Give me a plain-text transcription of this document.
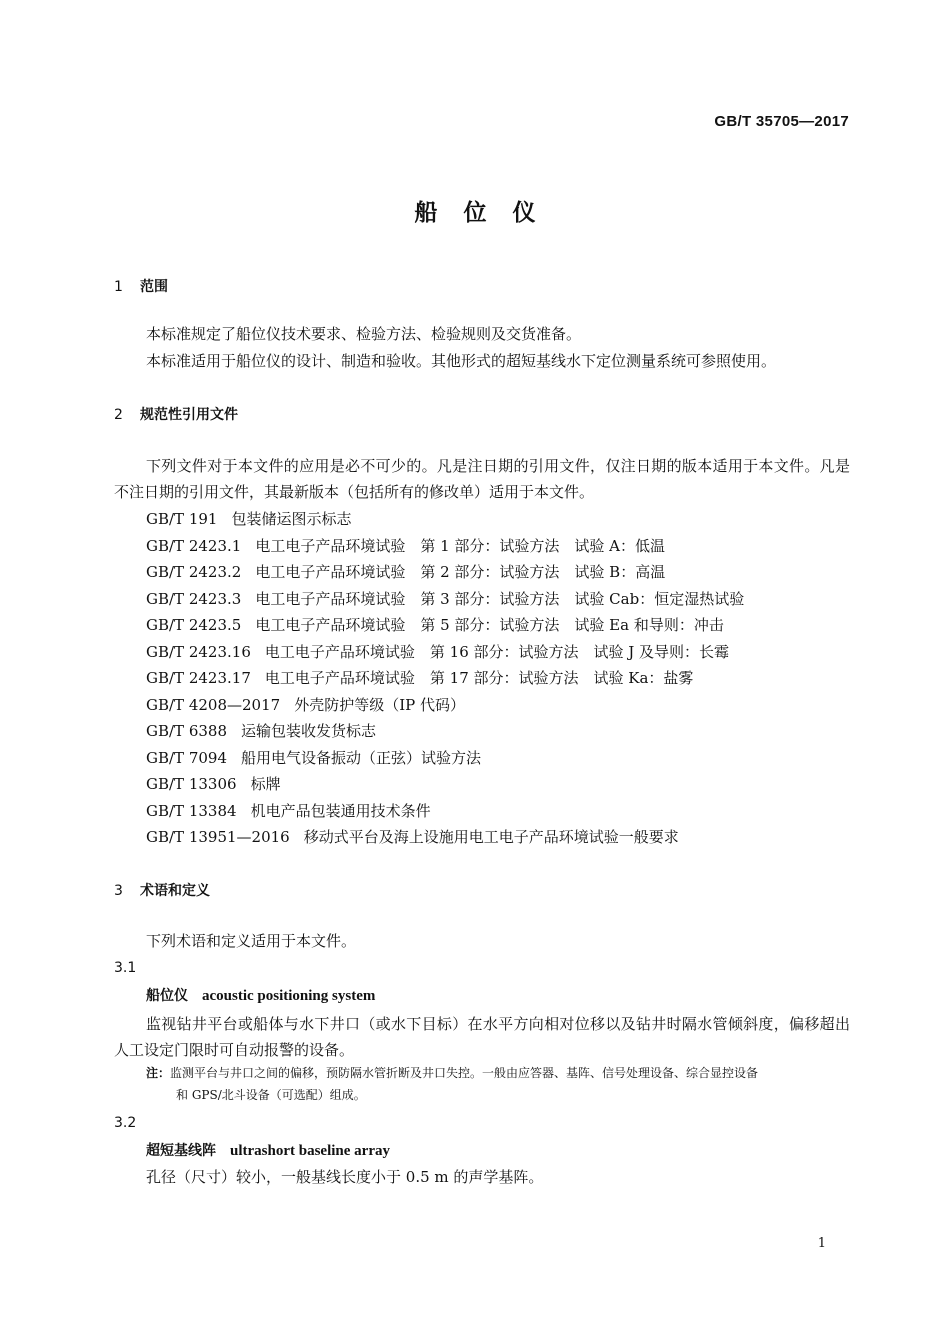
GB/T 35705—2017
船位仪
1 范围
本标准规定了船位仪技术要求、检验方法、检验规则及交货准备。
本标准适用于船位仪的设计、制造和验收。其他形式的超短基线水下定位测量系统可参照使用。
2 规范性引用文件
下列文件对于本文件的应用是必不可少的。凡是注日期的引用文件，仅注日期的版本适用于本文件。凡是不注日期的引用文件，其最新版本（包括所有的修改单）适用于本文件。
GB/T 191 包装储运图示标志
GB/T 2423.1 电工电子产品环境试验　第 1 部分：试验方法　试验 A：低温
GB/T 2423.2 电工电子产品环境试验　第 2 部分：试验方法　试验 B：高温
GB/T 2423.3 电工电子产品环境试验　第 3 部分：试验方法　试验 Cab：恒定湿热试验
GB/T 2423.5 电工电子产品环境试验　第 5 部分：试验方法　试验 Ea 和导则：冲击
GB/T 2423.16 电工电子产品环境试验　第 16 部分：试验方法　试验 J 及导则：长霉
GB/T 2423.17 电工电子产品环境试验　第 17 部分：试验方法　试验 Ka：盐雾
GB/T 4208—2017 外壳防护等级（IP 代码）
GB/T 6388 运输包装收发货标志
GB/T 7094 船用电气设备振动（正弦）试验方法
GB/T 13306 标牌
GB/T 13384 机电产品包装通用技术条件
GB/T 13951—2016 移动式平台及海上设施用电工电子产品环境试验一般要求
3 术语和定义
下列术语和定义适用于本文件。
3.1
船位仪 acoustic positioning system
监视钻井平台或船体与水下井口（或水下目标）在水平方向相对位移以及钻井时隔水管倾斜度，偏移超出人工设定门限时可自动报警的设备。
注：监测平台与井口之间的偏移，预防隔水管折断及井口失控。一般由应答器、基阵、信号处理设备、综合显控设备
和 GPS/北斗设备（可选配）组成。
3.2
超短基线阵 ultrashort baseline array
孔径（尺寸）较小，一般基线长度小于 0.5 m 的声学基阵。
1
